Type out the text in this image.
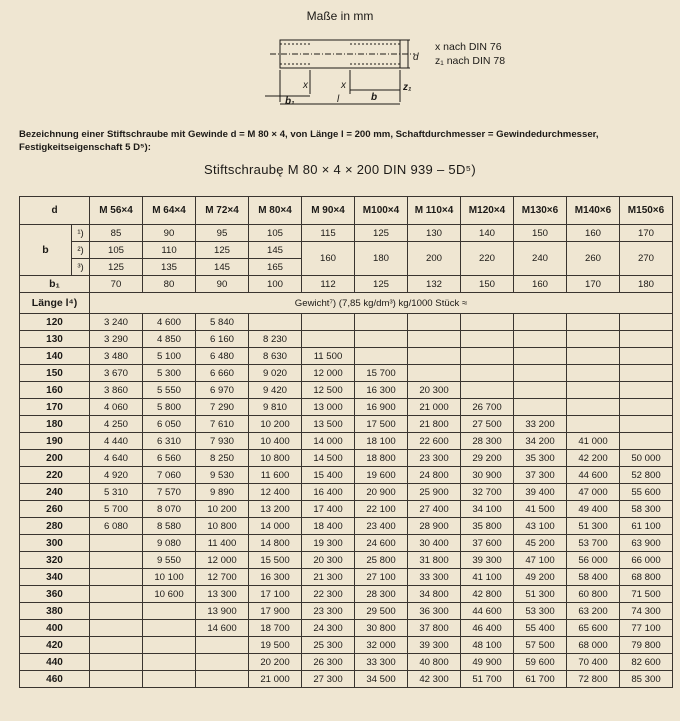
Maße in mm
d
b₁
x	x
b
z₁
l
x nach DIN 76
z₁ nach DIN 78
Bezeichnung einer Stiftschraube mit Gewinde d = M 80 × 4, von Länge l = 200 mm, Schaftdurchmesser = Gewindedurchmesser, Festigkeitseigenschaft 5 D⁵):
Stiftschraubę M 80 × 4 × 200 DIN 939 – 5D⁵)
d		M 56×4	M 64×4	M 72×4	M 80×4	M 90×4	M100×4	M 110×4	M120×4	M130×6	M140×6	M150×6
b	¹)	85	90	95	105	115	125	130	140	150	160	170
	²)	105	110	125	145	160	180	200	220	240	260	270
	³)	125	135	145	165							
b₁		70	80	90	100	112	125	132	150	160	170	180
Länge l⁴)		Gewicht⁷) (7,85 kg/dm³) kg/1000 Stück ≈										
120		3 240	4 600	5 840								
130		3 290	4 850	6 160	8 230							
140		3 480	5 100	6 480	8 630	11 500						
150		3 670	5 300	6 660	9 020	12 000	15 700					
160		3 860	5 550	6 970	9 420	12 500	16 300	20 300				
170		4 060	5 800	7 290	9 810	13 000	16 900	21 000	26 700			
180		4 250	6 050	7 610	10 200	13 500	17 500	21 800	27 500	33 200		
190		4 440	6 310	7 930	10 400	14 000	18 100	22 600	28 300	34 200	41 000	
200		4 640	6 560	8 250	10 800	14 500	18 800	23 300	29 200	35 300	42 200	50 000
220		4 920	7 060	9 530	11 600	15 400	19 600	24 800	30 900	37 300	44 600	52 800
240		5 310	7 570	9 890	12 400	16 400	20 900	25 900	32 700	39 400	47 000	55 600
260		5 700	8 070	10 200	13 200	17 400	22 100	27 400	34 100	41 500	49 400	58 300
280		6 080	8 580	10 800	14 000	18 400	23 400	28 900	35 800	43 100	51 300	61 100
300			9 080	11 400	14 800	19 300	24 600	30 400	37 600	45 200	53 700	63 900
320			9 550	12 000	15 500	20 300	25 800	31 800	39 300	47 100	56 000	66 000
340			10 100	12 700	16 300	21 300	27 100	33 300	41 100	49 200	58 400	68 800
360			10 600	13 300	17 100	22 300	28 300	34 800	42 800	51 300	60 800	71 500
380				13 900	17 900	23 300	29 500	36 300	44 600	53 300	63 200	74 300
400				14 600	18 700	24 300	30 800	37 800	46 400	55 400	65 600	77 100
420					19 500	25 300	32 000	39 300	48 100	57 500	68 000	79 800
440					20 200	26 300	33 300	40 800	49 900	59 600	70 400	82 600
460					21 000	27 300	34 500	42 300	51 700	61 700	72 800	85 300
